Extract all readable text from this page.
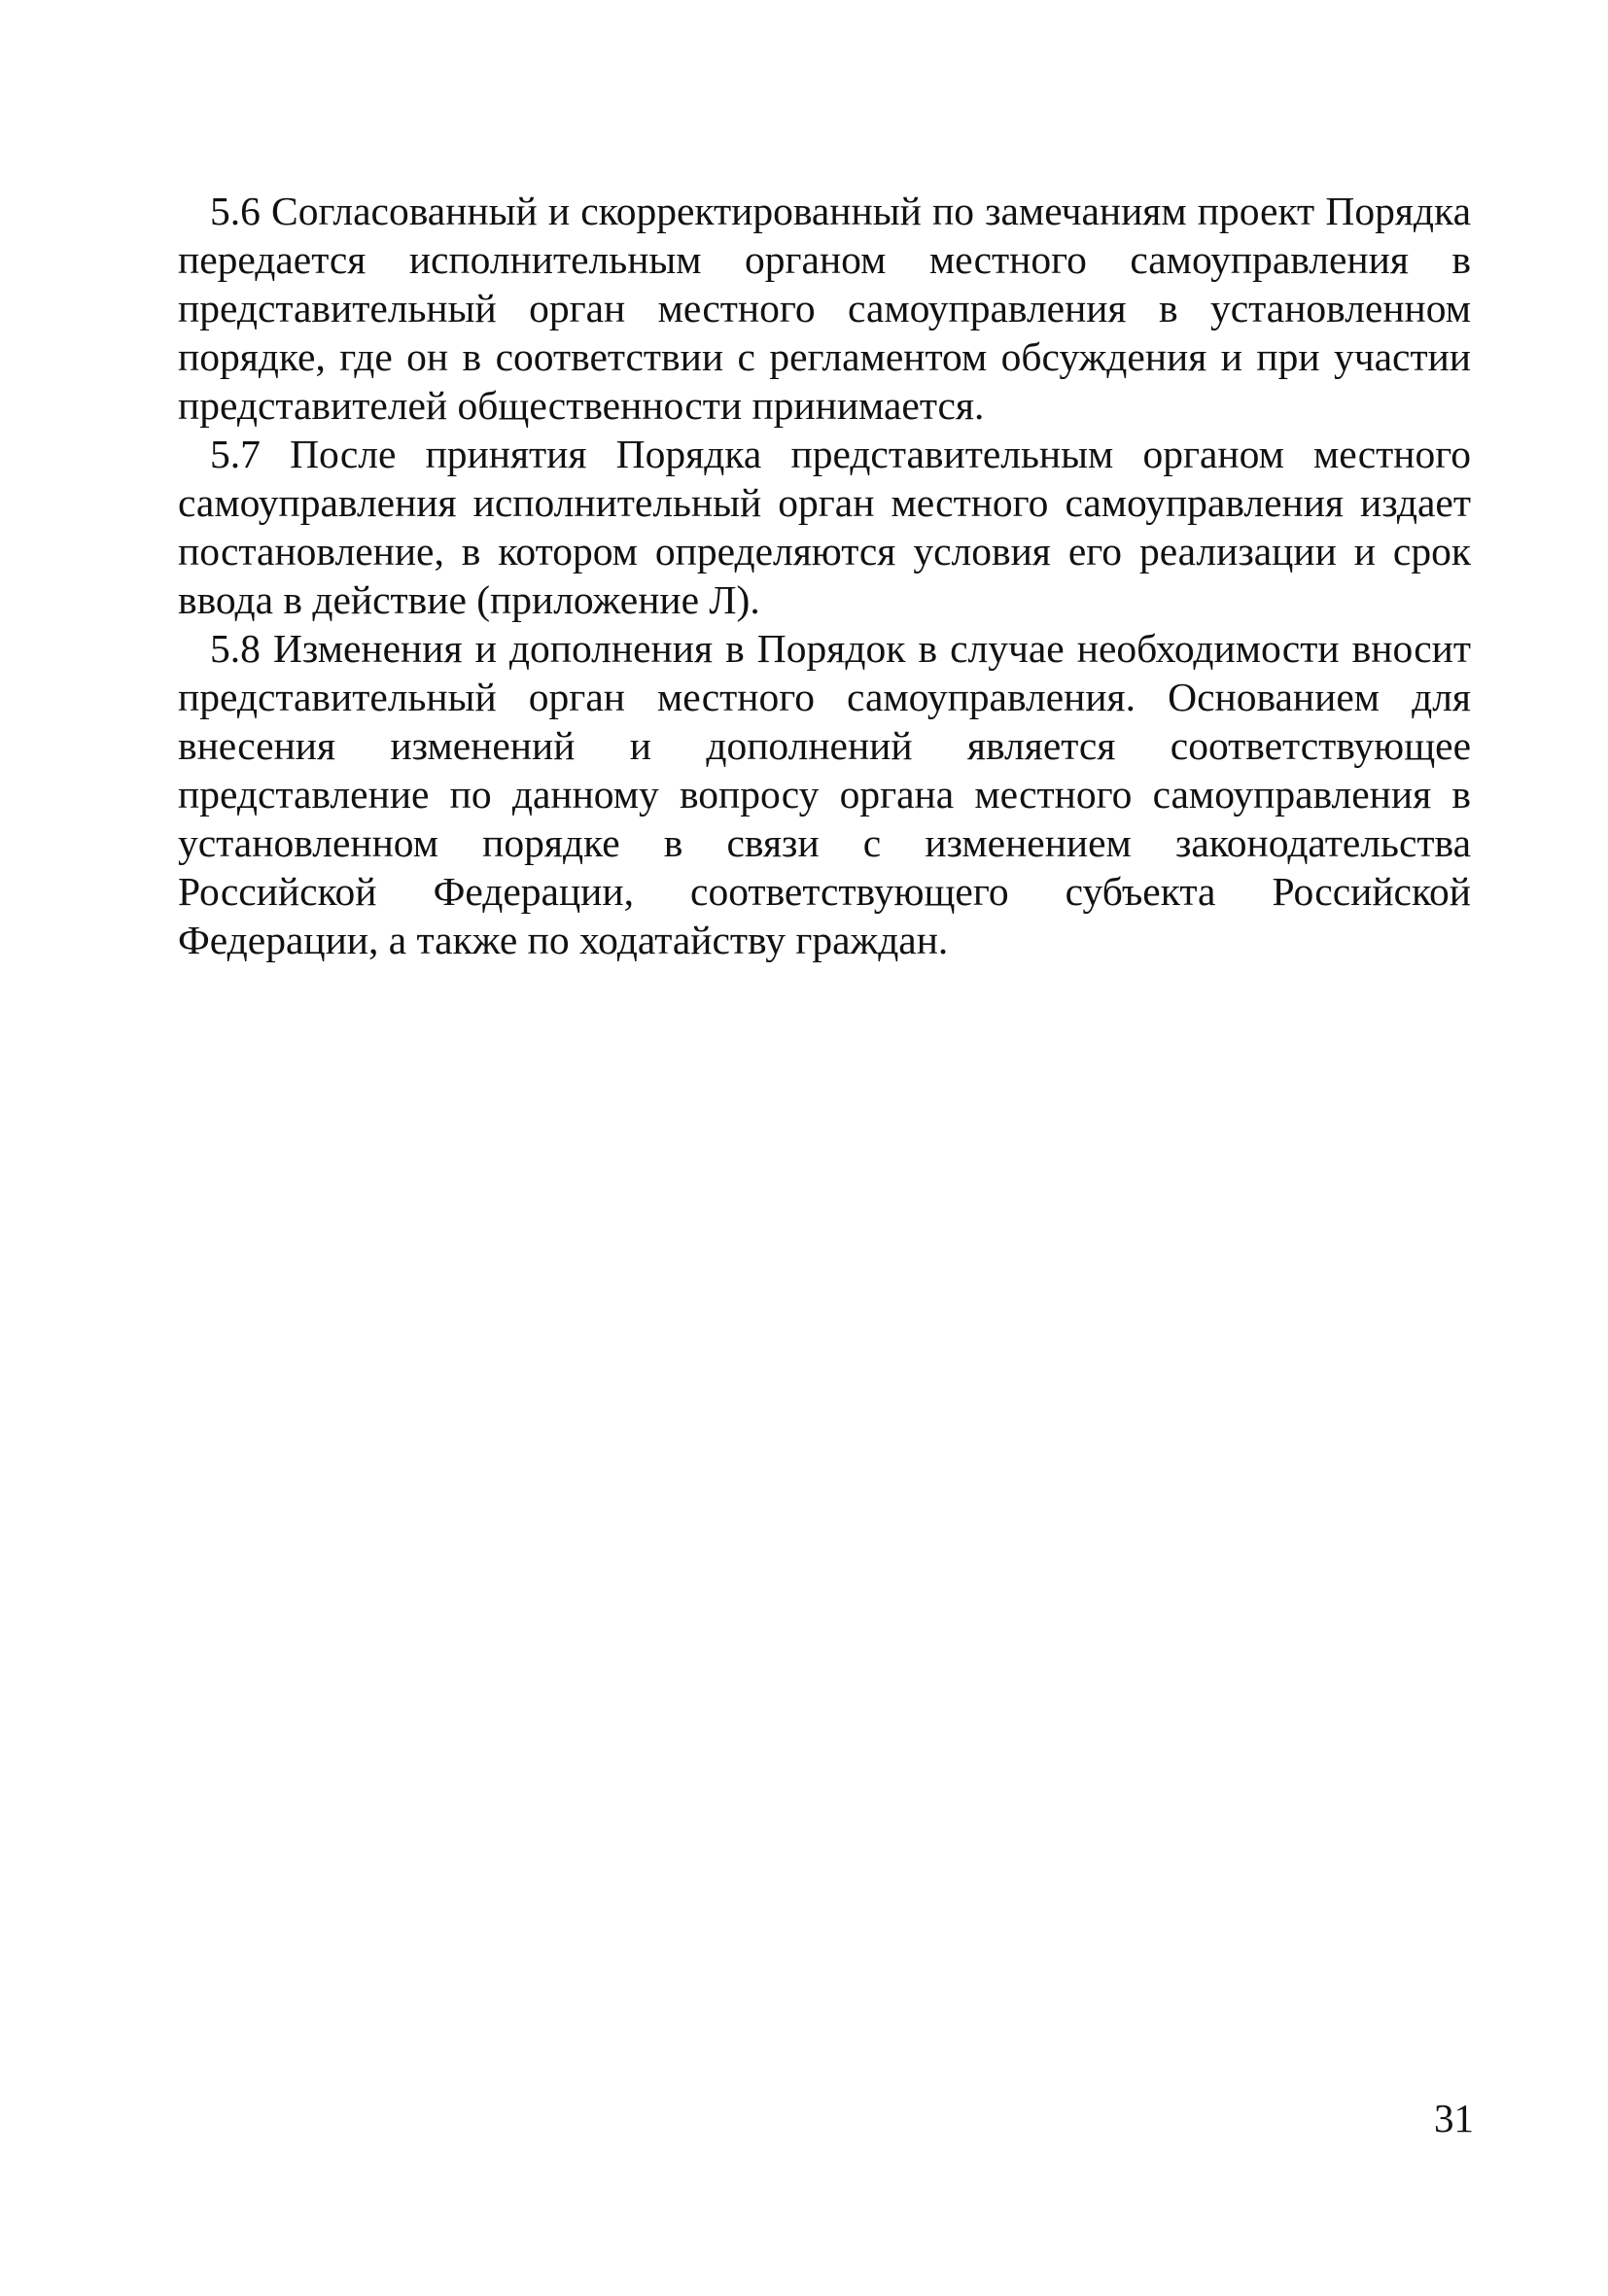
5.6 Согласованный и скорректированный по замечаниям проект Порядка передается исполнительным органом местного самоуправления в представительный орган местного самоуправления в установленном порядке, где он в соответствии с регламентом обсуждения и при участии представителей общественности принимается.

5.7 После принятия Порядка представительным органом местного самоуправления исполнительный орган местного самоуправления издает постановление, в котором определяются условия его реализации и срок ввода в действие (приложение Л).

5.8 Изменения и дополнения в Порядок в случае необходимости вносит представительный орган местного самоуправления. Основанием для внесения изменений и дополнений является соответствующее представление по данному вопросу органа местного самоуправления в установленном порядке в связи с изменением законодательства Российской Федерации, соответствующего субъекта Российской Федерации, а также по ходатайству граждан.

31
